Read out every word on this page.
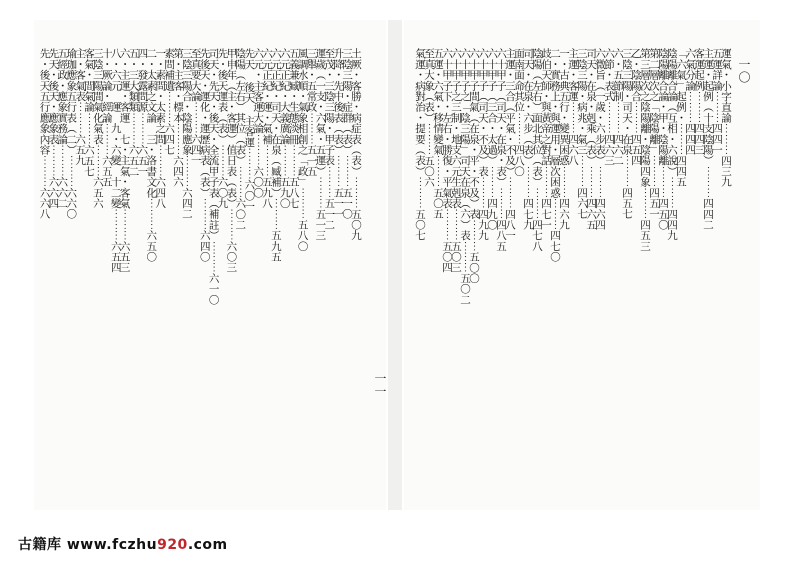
一〇
一一
運氣・小字直論⋯⋯⋯四三九
五運詳論⋯⋯⋯四四一
主運・起例（十支陰陽）⋯⋯⋯四四二
客運起例⋯⋯⋯四四三
六氣分論⋯⋯⋯四四四
「六氣」起例・⋯⋯⋯四四五
陰陽離合論（互相・六說）⋯⋯⋯四四九
陰陽離合論・甲・陰陽離⋯⋯⋯四五〇
第二層次之「陰陽離」⋯⋯⋯四五一
第三層次之陰陽離・陰陽四象⋯⋯⋯四五三
乙・陰陽合⋯⋯⋯四五四
三陰三陽・司天・在泉⋯⋯⋯四五七
六・五節制⋯⋯⋯四六二
六節・表式⋯⋯⋯四六三
六微旨（一歲・六步表）⋯⋯⋯四六四
司天・在泉・剋乘（表）⋯⋯⋯四六五
三陰三陽・病兆・氣三⋯⋯⋯四六七
主運・客運⋯⋯⋯四六八
一・古典五行・變異困惑⋯⋯⋯四六九
二・實務上・與運用・層次困惑⋯⋯⋯四七〇
歧伯天師・與黃帝之對話⋯⋯⋯四七一
陰陽（左右）面北其位（表）⋯⋯⋯四七八
司天・在泉・六步（表）⋯⋯⋯四七九
面南面命其位⋯⋯⋯四八〇
主運・三合（平氣・不及）⋯⋯⋯四八一
六十甲子（司天・在泉・表）⋯⋯⋯四八五
六十甲子（三合・太過）⋯⋯⋯四九〇
六十甲子（司天・不及）表⋯⋯⋯四九九
六十甲子間氣（在泉・平・不及）表⋯⋯⋯五〇〇
六十甲子之「陰三陽」司天在泉（六）表⋯⋯⋯五〇二
六十甲子之三制・地支六元生剋表⋯⋯⋯五〇三
六十甲子下・左右・勝復・平氣表⋯⋯⋯五〇四
五運・六氣・移情變氣⋯⋯⋯五〇五
至真大象（表）⋯⋯⋯五〇六
氣運・病對治・提要（表）⋯⋯⋯五〇七
土厥・客勝・病症表（表）⋯⋯⋯五〇九
三陰三陽・症群（表）⋯⋯⋯五一〇
升降・先中後表（表）⋯⋯⋯五一一
至茂・三陰三陽・甲子表⋯⋯⋯五一二
運歲（一支・六氣・五運）⋯⋯⋯五一三
三舉・五常政⋯⋯⋯五一五
風調水順・氣象相創之「政」⋯⋯⋯五八〇
五義兼臧・生態淡冊⋯⋯⋯五八七
六元正紀・大義廣論⋯⋯⋯五九〇
六元正紀・司天・在泉（臧補）⋯⋯⋯五九五
六元正紀・運・氣補⋯⋯⋯五九八
六元・主客運大論⋯⋯⋯六〇〇
先天 後天 主客運⋯⋯⋯六〇一
陰陽（左右）其位（表）⋯⋯⋯六〇二
甲申年（主・客運）值日表（表）⋯⋯⋯六〇三
先・後天運表（表）⋯⋯⋯六〇九
司天・先天・後天・全流甲子表（補註）⋯⋯⋯六一〇
先後天・運化・運歷病表（表）⋯⋯⋯六四〇
至真要大論⋯⋯⋯六四一
三陰三陽合・陰陽應象⋯⋯⋯六四二
第・主客・標本⋯⋯⋯六四六
素問補遺⋯⋯⋯六四七
一・素問・太素之問⋯⋯⋯六四八
二・太素之文論　三・洛書文化⋯⋯⋯六五〇
四・發露問源⋯⋯⋯六五一
五・三大類類⋯⋯⋯六五二
六・主運・客運　七・主氣・客氣⋯⋯⋯六五三
八・六元　運　九・六變　十二變⋯⋯⋯六五四
十・厥論・經論⋯⋯⋯六五五
三陰三陽間氣化氣表⋯⋯⋯六五六
客氣・間氣論⋯⋯⋯六五七
主・客氣表⋯⋯⋯六五九
瑜珈應象五行表（二）⋯⋯⋯六六〇
五經政・應象實務論⋯⋯⋯六六二
先天・後天・應象表⋯⋯⋯六六四
先・後天五行應象內容⋯⋯⋯六六八
古籍库 www.fczhu920.com
